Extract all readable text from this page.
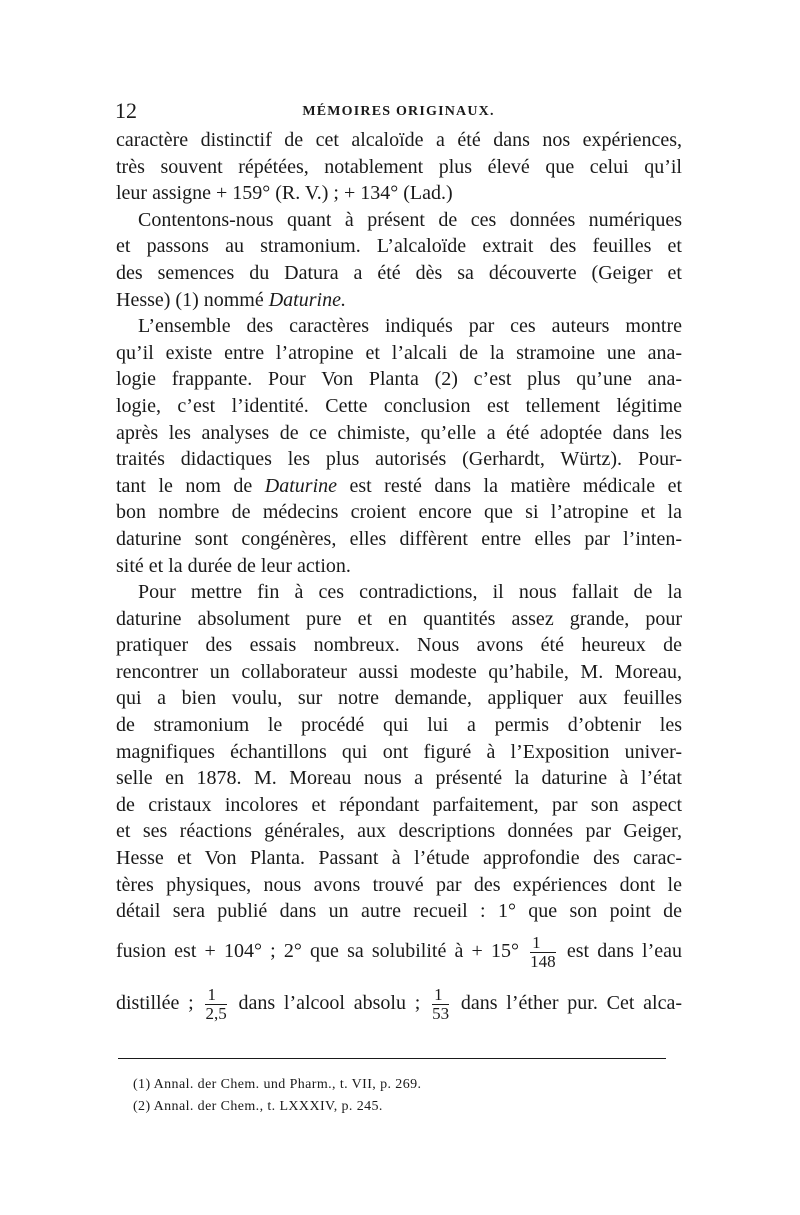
12	MÉMOIRES ORIGINAUX.
caractère distinctif de cet alcaloïde a été dans nos expériences,
très souvent répétées, notablement plus élevé que celui qu’il
leur assigne + 159° (R. V.) ; + 134° (Lad.)
Contentons-nous quant à présent de ces données numériques
et passons au stramonium. L’alcaloïde extrait des feuilles et
des semences du Datura a été dès sa découverte (Geiger et
Hesse) (1) nommé Daturine.
L’ensemble des caractères indiqués par ces auteurs montre
qu’il existe entre l’atropine et l’alcali de la stramoine une ana-
logie frappante. Pour Von Planta (2) c’est plus qu’une ana-
logie, c’est l’identité. Cette conclusion est tellement légitime
après les analyses de ce chimiste, qu’elle a été adoptée dans les
traités didactiques les plus autorisés (Gerhardt, Würtz). Pour-
tant le nom de Daturine est resté dans la matière médicale et
bon nombre de médecins croient encore que si l’atropine et la
daturine sont congénères, elles diffèrent entre elles par l’inten-
sité et la durée de leur action.
Pour mettre fin à ces contradictions, il nous fallait de la
daturine absolument pure et en quantités assez grande, pour
pratiquer des essais nombreux. Nous avons été heureux de
rencontrer un collaborateur aussi modeste qu’habile, M. Moreau,
qui a bien voulu, sur notre demande, appliquer aux feuilles
de stramonium le procédé qui lui a permis d’obtenir les
magnifiques échantillons qui ont figuré à l’Exposition univer-
selle en 1878. M. Moreau nous a présenté la daturine à l’état
de cristaux incolores et répondant parfaitement, par son aspect
et ses réactions générales, aux descriptions données par Geiger,
Hesse et Von Planta. Passant à l’étude approfondie des carac-
tères physiques, nous avons trouvé par des expériences dont le
détail sera publié dans un autre recueil : 1° que son point de
fusion est + 104° ; 2° que sa solubilité à + $15^\circ \frac{1}{148}$ est dans l’eau
distillée ; $\frac{1}{2,5}$ dans l’alcool absolu ; $\frac{1}{53}$ dans l’éther pur. Cet alca-
(1) Annal. der Chem. und Pharm., t. VII, p. 269.
(2) Annal. der Chem., t. LXXXIV, p. 245.
